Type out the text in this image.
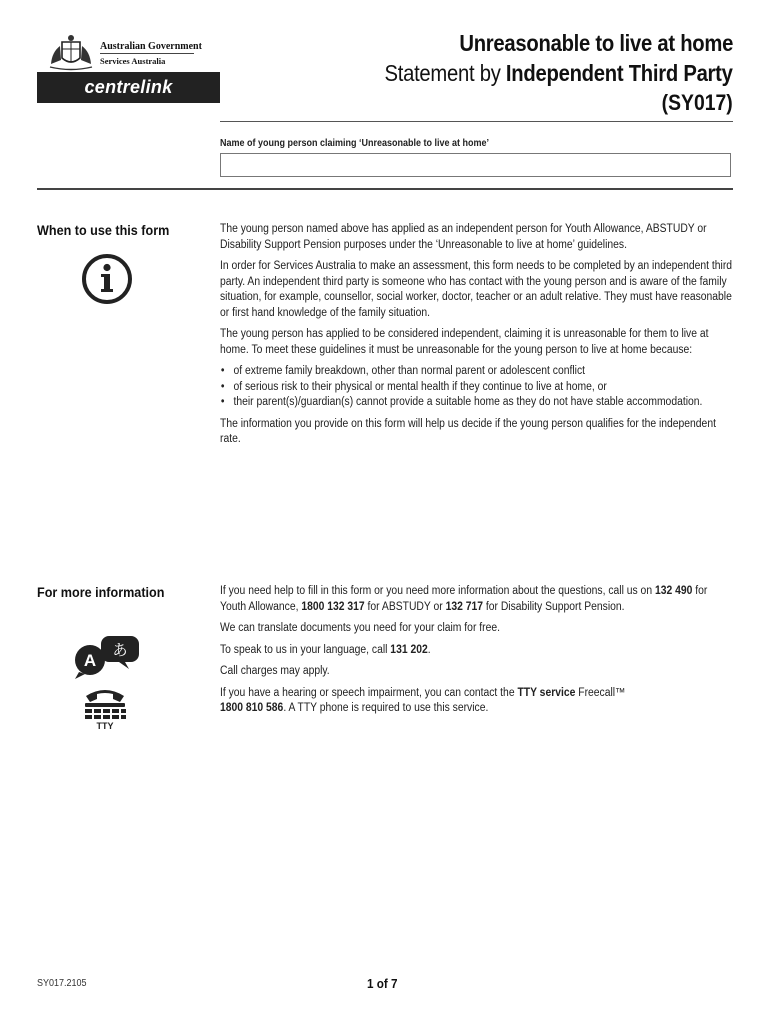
Australian Government
Services Australia
centrelink
Unreasonable to live at home
Statement by Independent Third Party
(SY017)
Name of young person claiming ‘Unreasonable to live at home’
When to use this form	The young person named above has applied as an independent person for Youth Allowance, ABSTUDY or Disability Support Pension purposes under the ‘Unreasonable to live at home’ guidelines.

In order for Services Australia to make an assessment, this form needs to be completed by an independent third party. An independent third party is someone who has contact with the young person and is aware of the family situation, for example, counsellor, social worker, doctor, teacher or an adult relative. They must have reasonable or first hand knowledge of the family situation.

The young person has applied to be considered independent, claiming it is unreasonable for them to live at home. To meet these guidelines it must be unreasonable for the young person to live at home because:

• of extreme family breakdown, other than normal parent or adolescent conflict
• of serious risk to their physical or mental health if they continue to live at home, or
• their parent(s)/guardian(s) cannot provide a suitable home as they do not have stable accommodation.

The information you provide on this form will help us decide if the young person qualifies for the independent rate.

For more information
あ
A
TTY

If you need help to fill in this form or you need more information about the questions, call us on 132 490 for Youth Allowance, 1800 132 317 for ABSTUDY or 132 717 for Disability Support Pension.

We can translate documents you need for your claim for free.

To speak to us in your language, call 131 202.

Call charges may apply.

If you have a hearing or speech impairment, you can contact the TTY service Freecall™
1800 810 586. A TTY phone is required to use this service.

SY017.2105	1 of 7
